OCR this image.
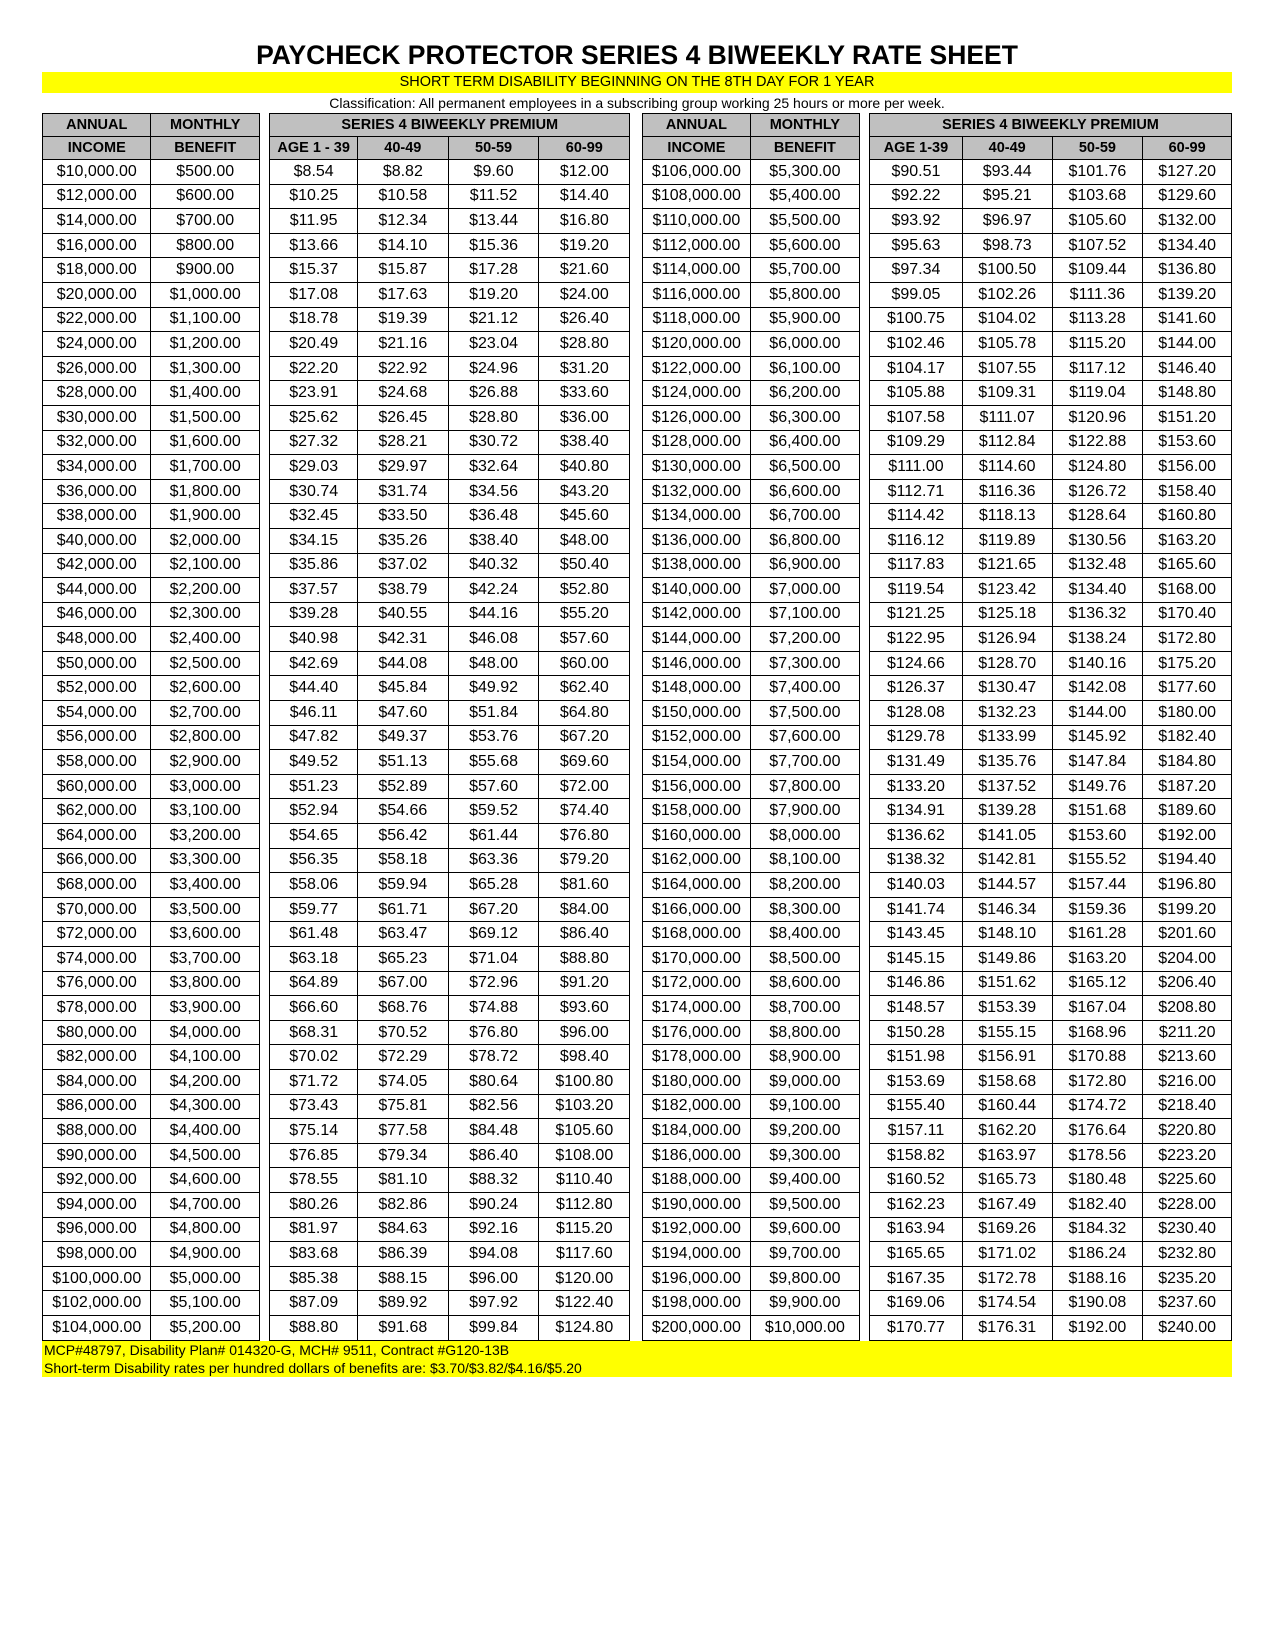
PAYCHECK PROTECTOR SERIES 4 BIWEEKLY RATE SHEET
SHORT TERM DISABILITY BEGINNING ON THE 8TH DAY FOR 1 YEAR
Classification: All permanent employees in a subscribing group working 25 hours or more per week.
ANNUAL	MONTHLY		SERIES 4 BIWEEKLY PREMIUM					ANNUAL	MONTHLY		SERIES 4 BIWEEKLY PREMIUM			
INCOME	BENEFIT		AGE 1 - 39	40-49	50-59	60-99		INCOME	BENEFIT		AGE 1-39	40-49	50-59	60-99
$10,000.00	$500.00		$8.54	$8.82	$9.60	$12.00		$106,000.00	$5,300.00		$90.51	$93.44	$101.76	$127.20
$12,000.00	$600.00		$10.25	$10.58	$11.52	$14.40		$108,000.00	$5,400.00		$92.22	$95.21	$103.68	$129.60
$14,000.00	$700.00		$11.95	$12.34	$13.44	$16.80		$110,000.00	$5,500.00		$93.92	$96.97	$105.60	$132.00
$16,000.00	$800.00		$13.66	$14.10	$15.36	$19.20		$112,000.00	$5,600.00		$95.63	$98.73	$107.52	$134.40
$18,000.00	$900.00		$15.37	$15.87	$17.28	$21.60		$114,000.00	$5,700.00		$97.34	$100.50	$109.44	$136.80
$20,000.00	$1,000.00		$17.08	$17.63	$19.20	$24.00		$116,000.00	$5,800.00		$99.05	$102.26	$111.36	$139.20
$22,000.00	$1,100.00		$18.78	$19.39	$21.12	$26.40		$118,000.00	$5,900.00		$100.75	$104.02	$113.28	$141.60
$24,000.00	$1,200.00		$20.49	$21.16	$23.04	$28.80		$120,000.00	$6,000.00		$102.46	$105.78	$115.20	$144.00
$26,000.00	$1,300.00		$22.20	$22.92	$24.96	$31.20		$122,000.00	$6,100.00		$104.17	$107.55	$117.12	$146.40
$28,000.00	$1,400.00		$23.91	$24.68	$26.88	$33.60		$124,000.00	$6,200.00		$105.88	$109.31	$119.04	$148.80
$30,000.00	$1,500.00		$25.62	$26.45	$28.80	$36.00		$126,000.00	$6,300.00		$107.58	$111.07	$120.96	$151.20
$32,000.00	$1,600.00		$27.32	$28.21	$30.72	$38.40		$128,000.00	$6,400.00		$109.29	$112.84	$122.88	$153.60
$34,000.00	$1,700.00		$29.03	$29.97	$32.64	$40.80		$130,000.00	$6,500.00		$111.00	$114.60	$124.80	$156.00
$36,000.00	$1,800.00		$30.74	$31.74	$34.56	$43.20		$132,000.00	$6,600.00		$112.71	$116.36	$126.72	$158.40
$38,000.00	$1,900.00		$32.45	$33.50	$36.48	$45.60		$134,000.00	$6,700.00		$114.42	$118.13	$128.64	$160.80
$40,000.00	$2,000.00		$34.15	$35.26	$38.40	$48.00		$136,000.00	$6,800.00		$116.12	$119.89	$130.56	$163.20
$42,000.00	$2,100.00		$35.86	$37.02	$40.32	$50.40		$138,000.00	$6,900.00		$117.83	$121.65	$132.48	$165.60
$44,000.00	$2,200.00		$37.57	$38.79	$42.24	$52.80		$140,000.00	$7,000.00		$119.54	$123.42	$134.40	$168.00
$46,000.00	$2,300.00		$39.28	$40.55	$44.16	$55.20		$142,000.00	$7,100.00		$121.25	$125.18	$136.32	$170.40
$48,000.00	$2,400.00		$40.98	$42.31	$46.08	$57.60		$144,000.00	$7,200.00		$122.95	$126.94	$138.24	$172.80
$50,000.00	$2,500.00		$42.69	$44.08	$48.00	$60.00		$146,000.00	$7,300.00		$124.66	$128.70	$140.16	$175.20
$52,000.00	$2,600.00		$44.40	$45.84	$49.92	$62.40		$148,000.00	$7,400.00		$126.37	$130.47	$142.08	$177.60
$54,000.00	$2,700.00		$46.11	$47.60	$51.84	$64.80		$150,000.00	$7,500.00		$128.08	$132.23	$144.00	$180.00
$56,000.00	$2,800.00		$47.82	$49.37	$53.76	$67.20		$152,000.00	$7,600.00		$129.78	$133.99	$145.92	$182.40
$58,000.00	$2,900.00		$49.52	$51.13	$55.68	$69.60		$154,000.00	$7,700.00		$131.49	$135.76	$147.84	$184.80
$60,000.00	$3,000.00		$51.23	$52.89	$57.60	$72.00		$156,000.00	$7,800.00		$133.20	$137.52	$149.76	$187.20
$62,000.00	$3,100.00		$52.94	$54.66	$59.52	$74.40		$158,000.00	$7,900.00		$134.91	$139.28	$151.68	$189.60
$64,000.00	$3,200.00		$54.65	$56.42	$61.44	$76.80		$160,000.00	$8,000.00		$136.62	$141.05	$153.60	$192.00
$66,000.00	$3,300.00		$56.35	$58.18	$63.36	$79.20		$162,000.00	$8,100.00		$138.32	$142.81	$155.52	$194.40
$68,000.00	$3,400.00		$58.06	$59.94	$65.28	$81.60		$164,000.00	$8,200.00		$140.03	$144.57	$157.44	$196.80
$70,000.00	$3,500.00		$59.77	$61.71	$67.20	$84.00		$166,000.00	$8,300.00		$141.74	$146.34	$159.36	$199.20
$72,000.00	$3,600.00		$61.48	$63.47	$69.12	$86.40		$168,000.00	$8,400.00		$143.45	$148.10	$161.28	$201.60
$74,000.00	$3,700.00		$63.18	$65.23	$71.04	$88.80		$170,000.00	$8,500.00		$145.15	$149.86	$163.20	$204.00
$76,000.00	$3,800.00		$64.89	$67.00	$72.96	$91.20		$172,000.00	$8,600.00		$146.86	$151.62	$165.12	$206.40
$78,000.00	$3,900.00		$66.60	$68.76	$74.88	$93.60		$174,000.00	$8,700.00		$148.57	$153.39	$167.04	$208.80
$80,000.00	$4,000.00		$68.31	$70.52	$76.80	$96.00		$176,000.00	$8,800.00		$150.28	$155.15	$168.96	$211.20
$82,000.00	$4,100.00		$70.02	$72.29	$78.72	$98.40		$178,000.00	$8,900.00		$151.98	$156.91	$170.88	$213.60
$84,000.00	$4,200.00		$71.72	$74.05	$80.64	$100.80		$180,000.00	$9,000.00		$153.69	$158.68	$172.80	$216.00
$86,000.00	$4,300.00		$73.43	$75.81	$82.56	$103.20		$182,000.00	$9,100.00		$155.40	$160.44	$174.72	$218.40
$88,000.00	$4,400.00		$75.14	$77.58	$84.48	$105.60		$184,000.00	$9,200.00		$157.11	$162.20	$176.64	$220.80
$90,000.00	$4,500.00		$76.85	$79.34	$86.40	$108.00		$186,000.00	$9,300.00		$158.82	$163.97	$178.56	$223.20
$92,000.00	$4,600.00		$78.55	$81.10	$88.32	$110.40		$188,000.00	$9,400.00		$160.52	$165.73	$180.48	$225.60
$94,000.00	$4,700.00		$80.26	$82.86	$90.24	$112.80		$190,000.00	$9,500.00		$162.23	$167.49	$182.40	$228.00
$96,000.00	$4,800.00		$81.97	$84.63	$92.16	$115.20		$192,000.00	$9,600.00		$163.94	$169.26	$184.32	$230.40
$98,000.00	$4,900.00		$83.68	$86.39	$94.08	$117.60		$194,000.00	$9,700.00		$165.65	$171.02	$186.24	$232.80
$100,000.00	$5,000.00		$85.38	$88.15	$96.00	$120.00		$196,000.00	$9,800.00		$167.35	$172.78	$188.16	$235.20
$102,000.00	$5,100.00		$87.09	$89.92	$97.92	$122.40		$198,000.00	$9,900.00		$169.06	$174.54	$190.08	$237.60
$104,000.00	$5,200.00		$88.80	$91.68	$99.84	$124.80		$200,000.00	$10,000.00		$170.77	$176.31	$192.00	$240.00
MCP#48797, Disability Plan# 014320-G, MCH# 9511, Contract #G120-13B
Short-term Disability rates per hundred dollars of benefits are: $3.70/$3.82/$4.16/$5.20
